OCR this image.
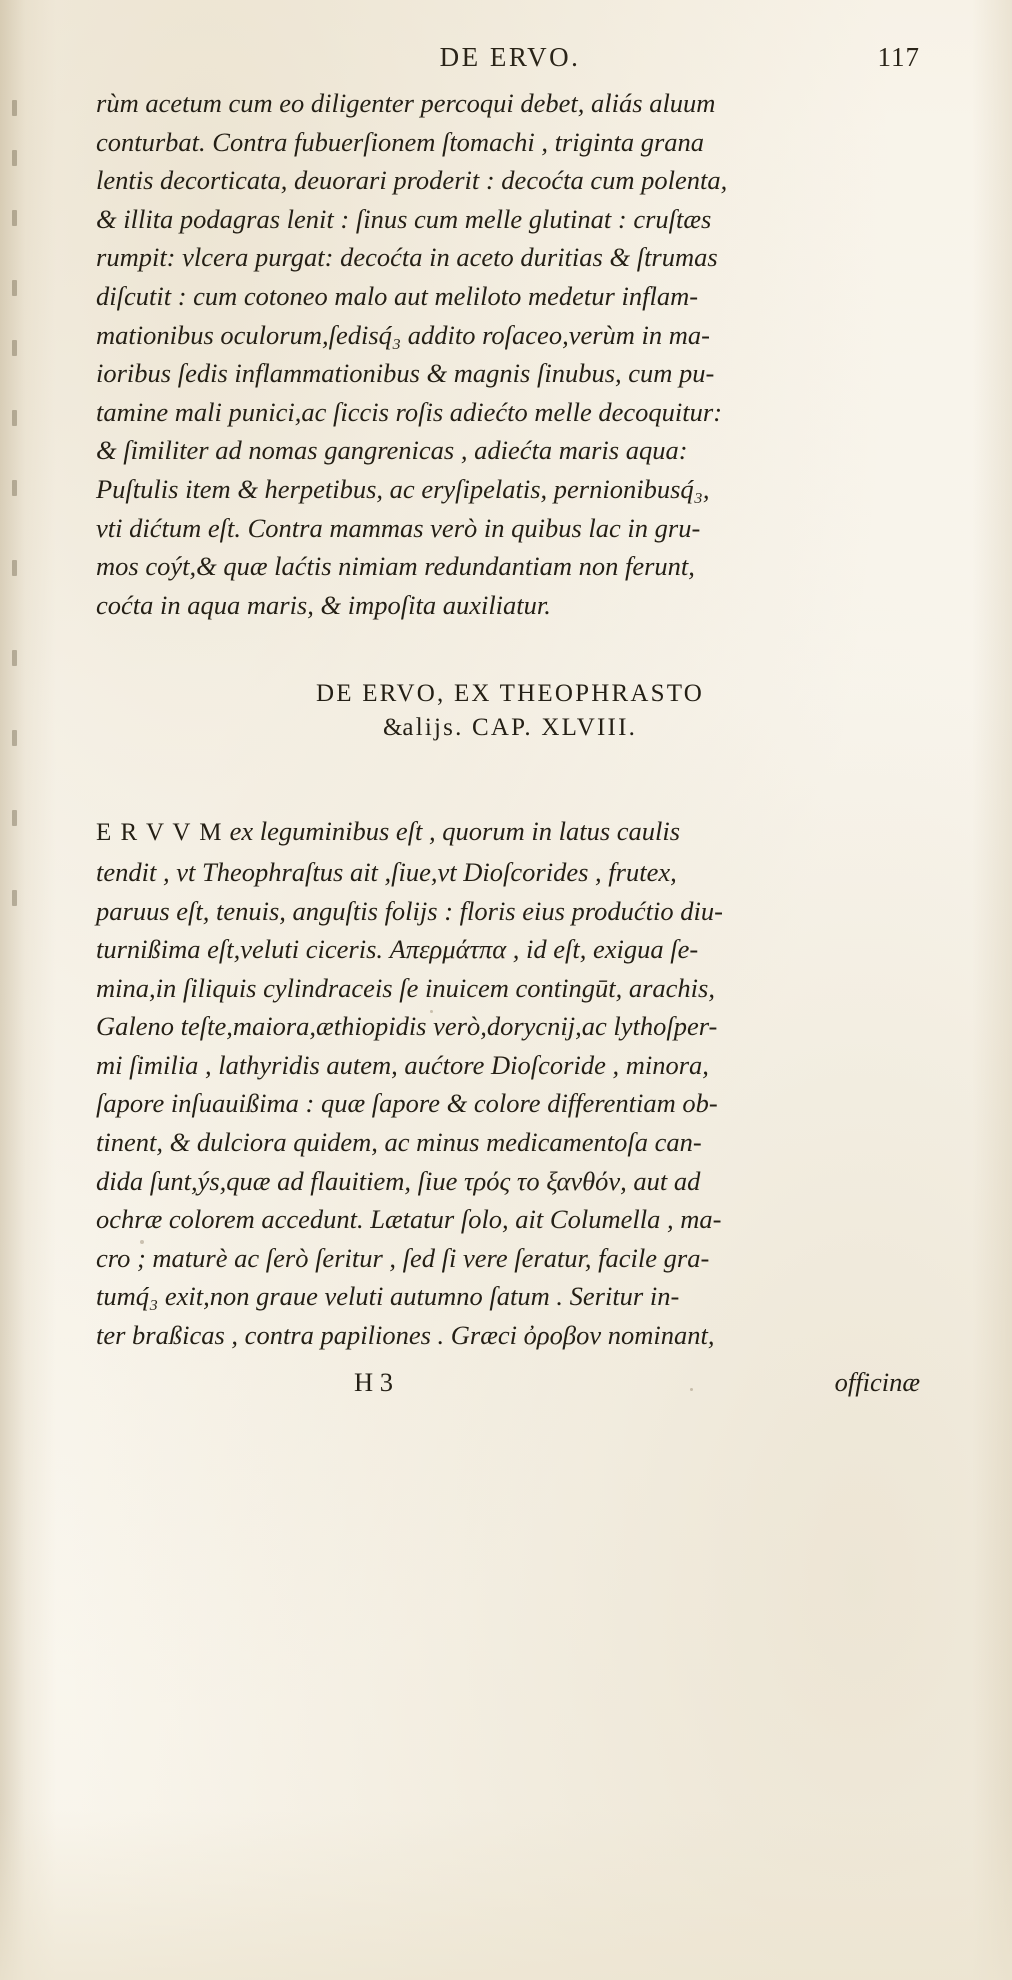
DE ERVO.	117
rùm acetum cum eo diligenter percoqui debet, aliás aluum
conturbat. Contra fubuerſionem ſtomachi , triginta grana
lentis decorticata, deuorari proderit : decoćta cum polenta,
& illita podagras lenit : ſinus cum melle glutinat : cruſtæs
rumpit: vlcera purgat: decoćta in aceto duritias & ſtrumas
diſcutit : cum cotoneo malo aut meliloto medetur inflam-
mationibus oculorum,ſedisq́₃ addito roſaceo,verùm in ma-
ioribus ſedis inflammationibus & magnis ſinubus, cum pu-
tamine mali punici,ac ſiccis roſis adiećto melle decoquitur:
& ſimiliter ad nomas gangrenicas , adiećta maris aqua:
Puſtulis item & herpetibus, ac eryſipelatis, pernionibusq́₃,
vti dićtum eſt. Contra mammas verò in quibus lac in gru-
mos coýt,& quæ laćtis nimiam redundantiam non ferunt,
coćta in aqua maris, & impoſita auxiliatur.
DE ERVO, EX THEOPHRASTO
&alijs. CAP. XLVIII.
E R V V M ex leguminibus eſt , quorum in latus caulis
tendit , vt Theophraſtus ait ,ſiue,vt Dioſcorides , frutex,
paruus eſt, tenuis, anguſtis folijs : floris eius produćtio diu-
turnißima eſt,veluti ciceris. Απερμάτπα , id eſt, exigua ſe-
mina,in ſiliquis cylindraceis ſe inuicem contingūt, arachis,
Galeno teſte,maiora,æthiopidis verò,dorycnij,ac lythoſper-
mi ſimilia , lathyridis autem, aućtore Dioſcoride , minora,
ſapore inſuauißima : quæ ſapore & colore differentiam ob-
tinent, & dulciora quidem, ac minus medicamentoſa can-
dida ſunt,ýs,quæ ad flauitiem, ſiue τρός το ξανθόν, aut ad
ochræ colorem accedunt. Lætatur ſolo, ait Columella , ma-
cro ; maturè ac ſerò ſeritur , ſed ſi vere ſeratur, facile gra-
tumq́₃ exit,non graue veluti autumno ſatum . Seritur in-
ter braßicas , contra papiliones . Græci ὀροβον nominant,
H 3	officinæ
